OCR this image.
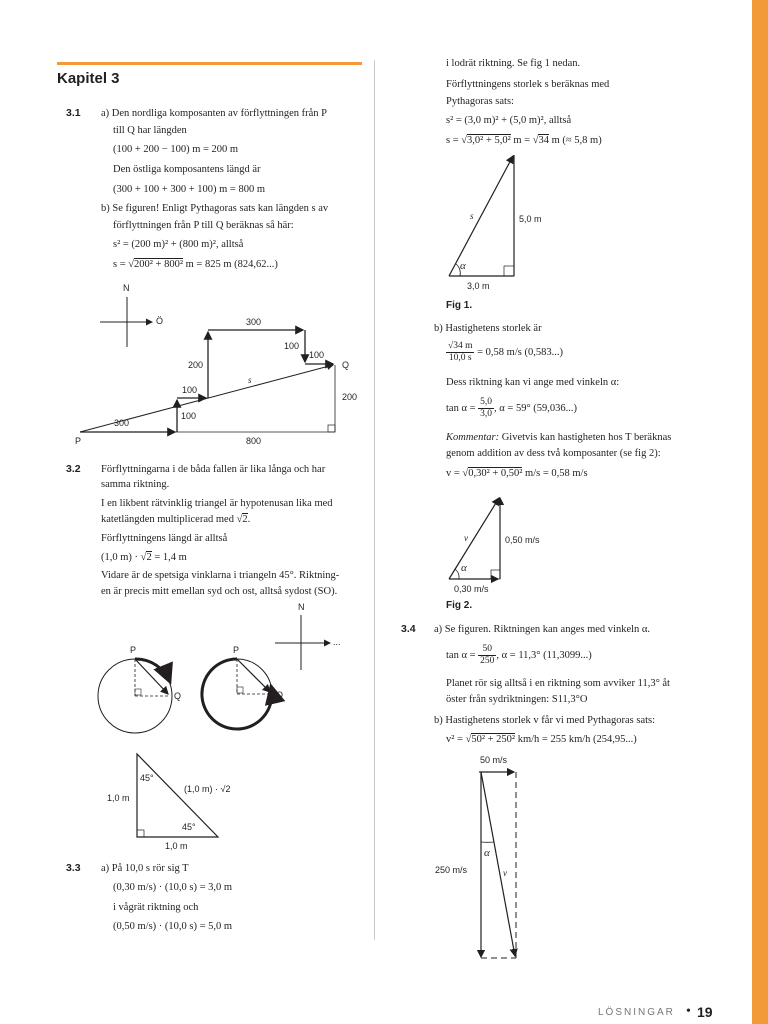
Kapitel 3
3.1 a) Den nordliga komposanten av förflyttningen från P
till Q har längden
(100 + 200 − 100) m = 200 m
Den östliga komposantens längd är
(300 + 100 + 300 + 100) m = 800 m
b) Se figuren! Enligt Pythagoras sats kan längden s av
förflyttningen från P till Q beräknas så här:
s² = (200 m)² + (800 m)², alltså
s = √200² + 800² m = 825 m (824,62...)
N
Ö
P
Q
s
300
300
200
200
100
100
100
100
800
3.2 Förflyttningarna i de båda fallen är lika långa och har
samma riktning.
I en likbent rätvinklig triangel är hypotenusan lika med
katetlängden multiplicerad med √2.
Förflyttningens längd är alltså
(1,0 m) · √2 = 1,4 m
Vidare är de spetsiga vinklarna i triangeln 45°. Riktning-
en är precis mitt emellan syd och ost, alltså sydost (SO).
N
...
P
Q
P
Q
45°
45°
1,0 m
1,0 m
(1,0 m) · √2
3.3 a) På 10,0 s rör sig T
(0,30 m/s) · (10,0 s) = 3,0 m
i vågrät riktning och
(0,50 m/s) · (10,0 s) = 5,0 m
i lodrät riktning. Se fig 1 nedan.
Förflyttningens storlek s beräknas med
Pythagoras sats:
s² = (3,0 m)² + (5,0 m)², alltså
s = √3,0² + 5,0² m = √34 m (≈ 5,8 m)
s	5,0 m
3,0 m
α
Fig 1.
b) Hastighetens storlek är
$\frac{√34 m}{10,0 s} = 0,58$ m/s (0,583...)
Dess riktning kan vi ange med vinkeln α:
$\tan \alpha = \frac{5,0}{3,0}$ , α = 59° (59,036...)
Kommentar: Givetvis kan hastigheten hos T beräknas
genom addition av dess två komposanter (se fig 2):
v = √0,30² + 0,50² m/s = 0,58 m/s
v	0,50 m/s
0,30 m/s
α
Fig 2.
3.4 a) Se figuren. Riktningen kan anges med vinkeln α.
$\tan \alpha = \frac{50}{250}$ , α = 11,3° (11,3099...)
Planet rör sig alltså i en riktning som avviker 11,3° åt
öster från sydriktningen: S11,3°O
b) Hastighetens storlek v får vi med Pythagoras sats:
v² = √50² + 250² km/h = 255 km/h (254,95...)
50 m/s
250 m/s
α
v
LÖSNINGAR • 19
